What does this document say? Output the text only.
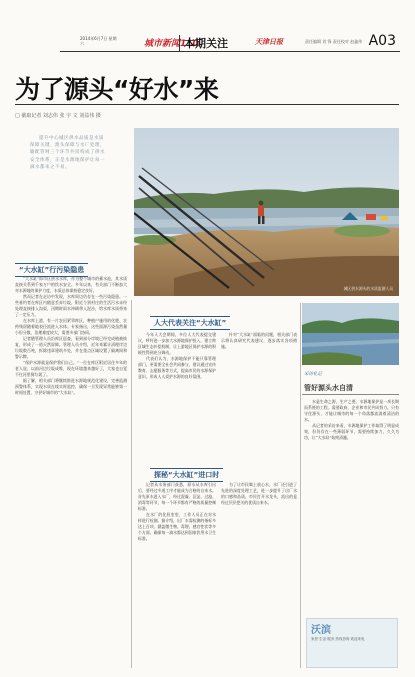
2014年6月7日 星期六	城市新闻110
本期关注	天津日报	责任编辑 刘 锋 责任校对 赵鑫伟 A03
为了源头“好水”来
□ 截取记者 刘志伟 张 宇 文 刘益伟 摄
提升中心城区供水品质是水质保障关键，源头保障与水厂处理、输配管网三个环节共同构成了供水安全体系，正是水源地保护让每一滴水都来之不易。
城区供水源头的水质监测人员
“大水缸”行污染隐患

“大水缸”即市区供水水库，作为整个城市的蓄水池，其水质直接关系到千家万户的饮水安全。多年以来，有关部门不断加大对水源地的保护力度，水质总体保持稳定良好。

然而记者在走访中发现，水库周边仍存在一些污染隐患。一些垂钓者在库区内随意丢弃垃圾，附近个别村庄的生活污水未经处理直接排入沟渠，汛期时雨水冲刷带入泥沙，给水库水质带来了一定压力。

在水库上游，有一片农田紧邻库区，种植户施用的化肥、农药残留随着地表径流进入水体。专家指出，这些面源污染虽然量小但分散，治理难度较大，需要多部门协同。

记者随管理人员沿库区巡查，看到部分岸坡已经完成植被恢复，形成了一道天然屏障。管理人员介绍，近年来累计清理岸边垃圾数百吨，拆除违章建筑多处，并在重点区域设置了隔离网和警示牌。

“保护水源就是保护我们自己。”一位在库区附近居住多年的老人说，以前河边垃圾成堆，现在环境越来越好了，大家也自觉不往河里倒垃圾了。

据了解，相关部门将继续推进水源地规范化建设，完善监测预警体系，实现水质在线实时监控，确保一旦发现异常能够第一时间处置，守护好城市的“大水缸”。

人大代表关注“大水缸”

今年人大会期间，多位人大代表提交建议，呼吁进一步加大水源地保护投入，建立跨区域生态补偿机制，让上游地区保护水源的积极性得到充分调动。

代表们认为，水源地保护不能只靠管理部门，更需要全社会共同参与，建议通过宣传教育、志愿服务等方式，提高市民的水源保护意识，形成人人爱护水源的良好氛围。

针对“大水缸”面临的问题，相关部门表示将认真研究代表建议，逐步落实各项措施。

探秘“大水缸”进口时

记者从水务部门获悉，原水从水库引出后，要经过多道工序才能成为合格的自来水。首先原水进入水厂，经过混凝、沉淀、过滤、消毒等环节，每一个环节都有严格的质量控制标准。

在水厂的化验室里，工作人员正在对水样进行检测。据介绍，出厂水需检测的指标多达上百项，涵盖微生物、毒理、感官性状等多个方面，确保每一滴水都达到国家饮用水卫生标准。

为了让市民喝上放心水，水厂还引进了先进的深度处理工艺，进一步提升了出厂水的口感和品质。市民打开水龙头，流出的是经过层层把关的优质自来水。

采访札记
管好源头水自清

水是生命之源，生产之要。水源地保护是一项长期而系统的工程，需要政府、企业和市民共同努力。只有守住源头，才能让城市的每一个角落都流淌着清洁的水。

从记者的采访来看，水源地保护工作取得了明显成效，但仍存在一些薄弱环节，需要持续加力，久久为功，让“大水缸”始终清澈。

沃滨
家居·生活·服务 热线咨询 欢迎来电
